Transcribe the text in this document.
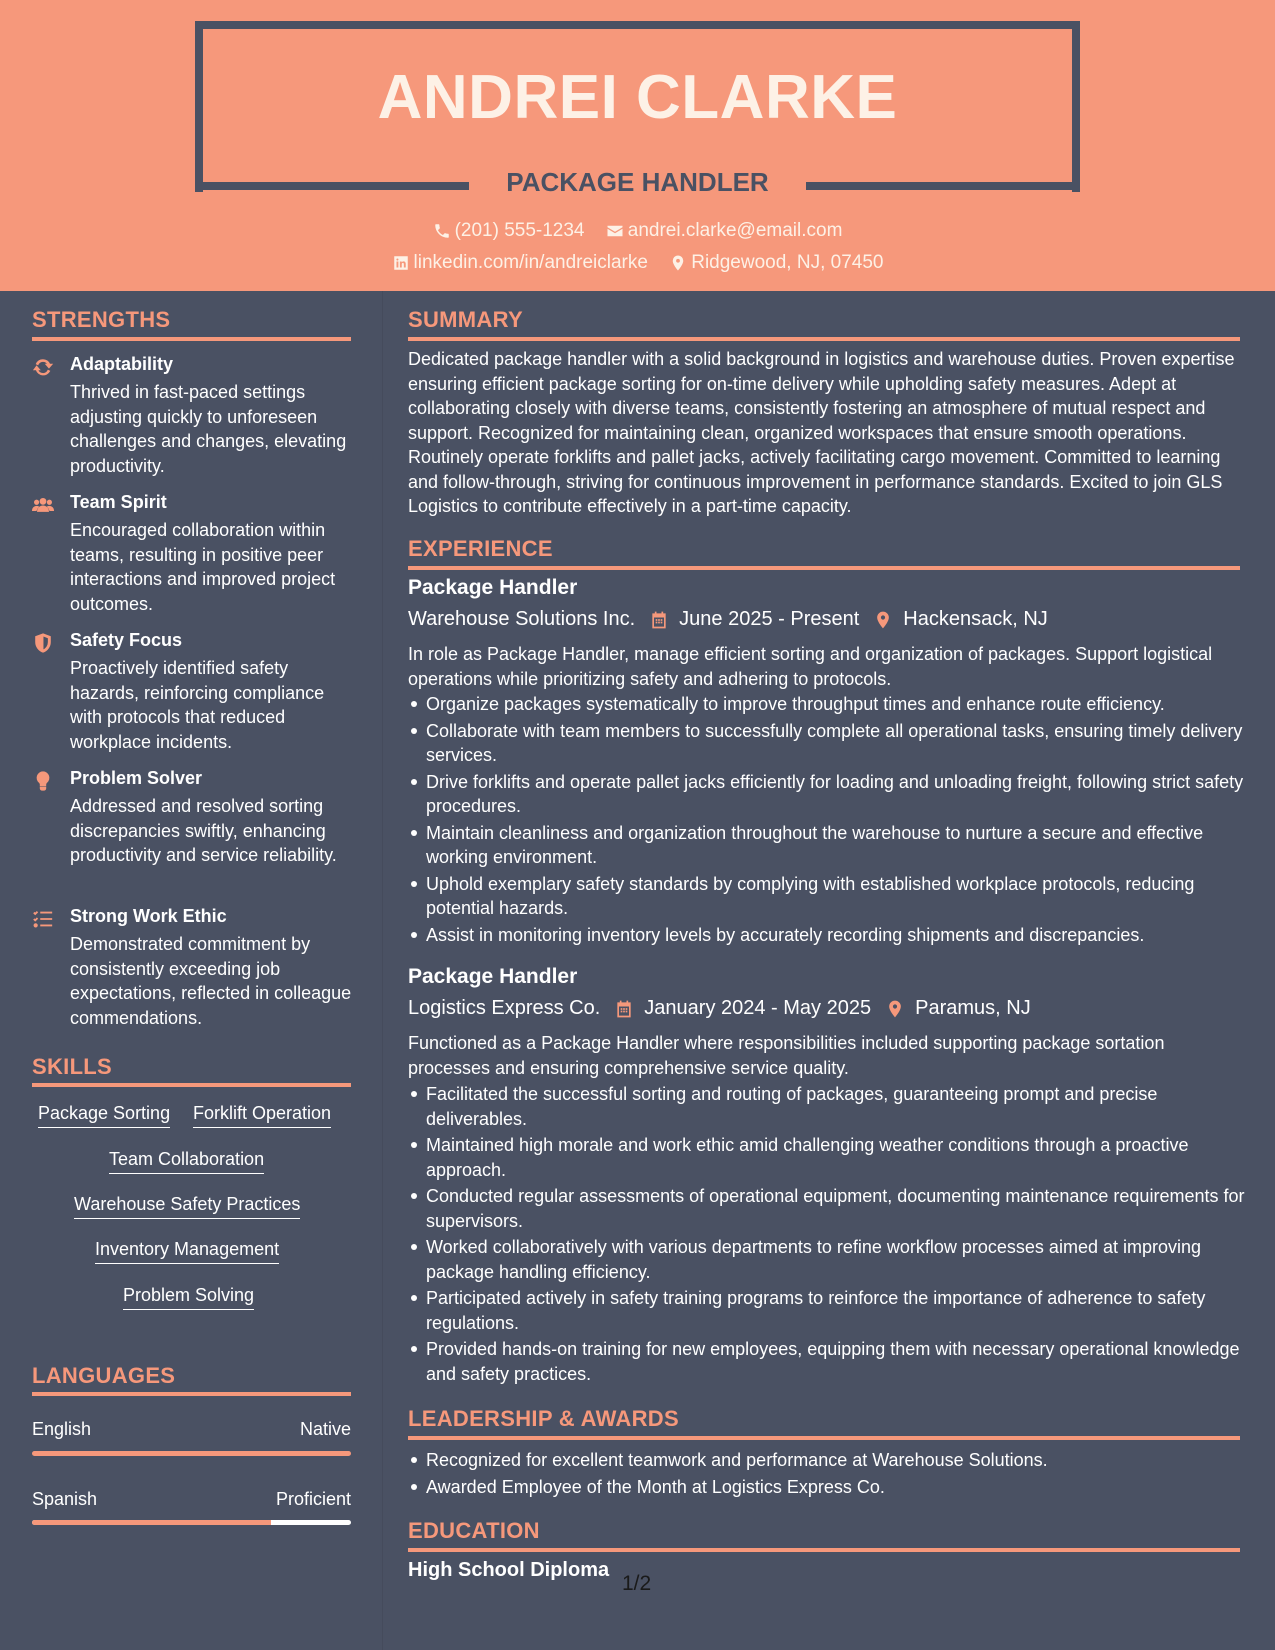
ANDREI CLARKE
PACKAGE HANDLER
(201) 555-1234
andrei.clarke@email.com
linkedin.com/in/andreiclarke
Ridgewood, NJ, 07450
STRENGTHS
Adaptability
Thrived in fast-paced settings adjusting quickly to unforeseen challenges and changes, elevating productivity.
Team Spirit
Encouraged collaboration within teams, resulting in positive peer interactions and improved project outcomes.
Safety Focus
Proactively identified safety hazards, reinforcing compliance with protocols that reduced workplace incidents.
Problem Solver
Addressed and resolved sorting discrepancies swiftly, enhancing productivity and service reliability.
Strong Work Ethic
Demonstrated commitment by consistently exceeding job expectations, reflected in colleague commendations.
SKILLS
Package Sorting Forklift Operation
Team Collaboration
Warehouse Safety Practices
Inventory Management
Problem Solving
LANGUAGES
English	Native
Spanish	Proficient
SUMMARY
Dedicated package handler with a solid background in logistics and warehouse duties. Proven expertise ensuring efficient package sorting for on-time delivery while upholding safety measures. Adept at collaborating closely with diverse teams, consistently fostering an atmosphere of mutual respect and support. Recognized for maintaining clean, organized workspaces that ensure smooth operations. Routinely operate forklifts and pallet jacks, actively facilitating cargo movement. Committed to learning and follow-through, striving for continuous improvement in performance standards. Excited to join GLS Logistics to contribute effectively in a part-time capacity.
EXPERIENCE
Package Handler
Warehouse Solutions Inc. June 2025 - Present Hackensack, NJ
In role as Package Handler, manage efficient sorting and organization of packages. Support logistical operations while prioritizing safety and adhering to protocols.
Organize packages systematically to improve throughput times and enhance route efficiency.
Collaborate with team members to successfully complete all operational tasks, ensuring timely delivery services.
Drive forklifts and operate pallet jacks efficiently for loading and unloading freight, following strict safety procedures.
Maintain cleanliness and organization throughout the warehouse to nurture a secure and effective working environment.
Uphold exemplary safety standards by complying with established workplace protocols, reducing potential hazards.
Assist in monitoring inventory levels by accurately recording shipments and discrepancies.
Package Handler
Logistics Express Co. January 2024 - May 2025 Paramus, NJ
Functioned as a Package Handler where responsibilities included supporting package sortation processes and ensuring comprehensive service quality.
Facilitated the successful sorting and routing of packages, guaranteeing prompt and precise deliverables.
Maintained high morale and work ethic amid challenging weather conditions through a proactive approach.
Conducted regular assessments of operational equipment, documenting maintenance requirements for supervisors.
Worked collaboratively with various departments to refine workflow processes aimed at improving package handling efficiency.
Participated actively in safety training programs to reinforce the importance of adherence to safety regulations.
Provided hands-on training for new employees, equipping them with necessary operational knowledge and safety practices.
LEADERSHIP & AWARDS
Recognized for excellent teamwork and performance at Warehouse Solutions.
Awarded Employee of the Month at Logistics Express Co.
EDUCATION
High School Diploma
1/2
